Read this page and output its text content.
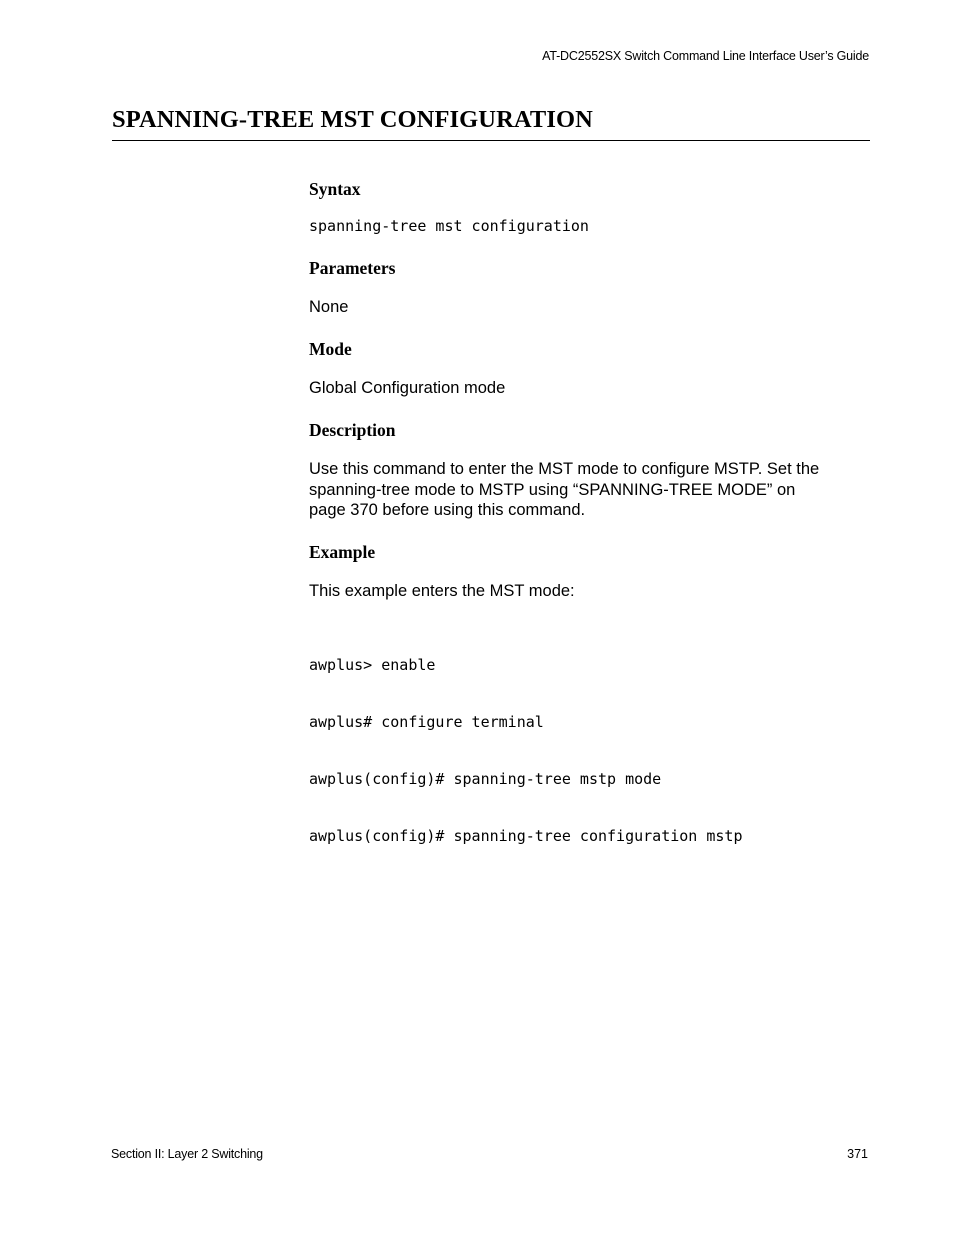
AT-DC2552SX Switch Command Line Interface User’s Guide
SPANNING-TREE MST CONFIGURATION
Syntax
spanning-tree mst configuration
Parameters

None

Mode

Global Configuration mode

Description
Use this command to enter the MST mode to configure MSTP. Set the
spanning-tree mode to MSTP using “SPANNING-TREE MODE” on
page 370 before using this command.
Example

This example enters the MST mode:

awplus> enable

awplus# configure terminal

awplus(config)# spanning-tree mstp mode

awplus(config)# spanning-tree configuration mstp

Section II: Layer 2 Switching	371
